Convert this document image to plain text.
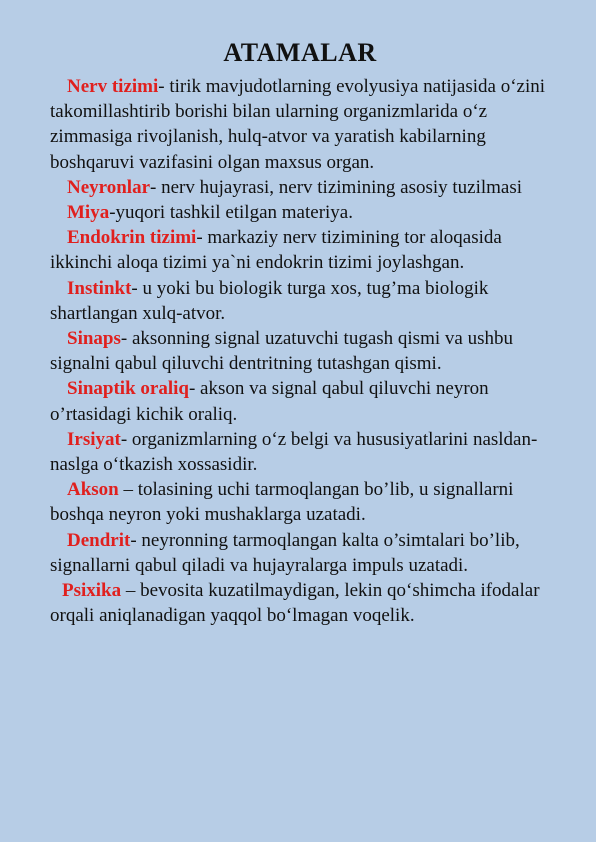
ATAMALAR

Nerv tizimi- tirik mavjudotlarning evolyusiya natijasida o‘zini takomillashtirib borishi bilan ularning organizmlarida o‘z zimmasiga rivojlanish, hulq-atvor va yaratish kabilarning boshqaruvi vazifasini olgan maxsus organ.

Neyronlar- nerv hujayrasi, nerv tizimining asosiy tuzilmasi

Miya-yuqori tashkil etilgan materiya.

Endokrin tizimi- markaziy nerv tizimining tor aloqasida ikkinchi aloqa tizimi ya`ni endokrin tizimi joylashgan.

Instinkt- u yoki bu biologik turga xos, tug’ma biologik shartlangan xulq-atvor.

Sinaps- aksonning signal uzatuvchi tugash qismi va ushbu signalni qabul qiluvchi dentritning tutashgan qismi.

Sinaptik oraliq- akson va signal qabul qiluvchi neyron o’rtasidagi kichik oraliq.

Irsiyat- organizmlarning o‘z belgi va hususiyatlarini nasldan-naslga o‘tkazish xossasidir.

Akson – tolasining uchi tarmoqlangan bo’lib, u signallarni boshqa neyron yoki mushaklarga uzatadi.

Dendrit- neyronning tarmoqlangan kalta o’simtalari bo’lib, signallarni qabul qiladi va hujayralarga impuls uzatadi.

Psixika – bevosita kuzatilmaydigan, lekin qo‘shimcha ifodalar orqali aniqlanadigan yaqqol bo‘lmagan voqelik.
